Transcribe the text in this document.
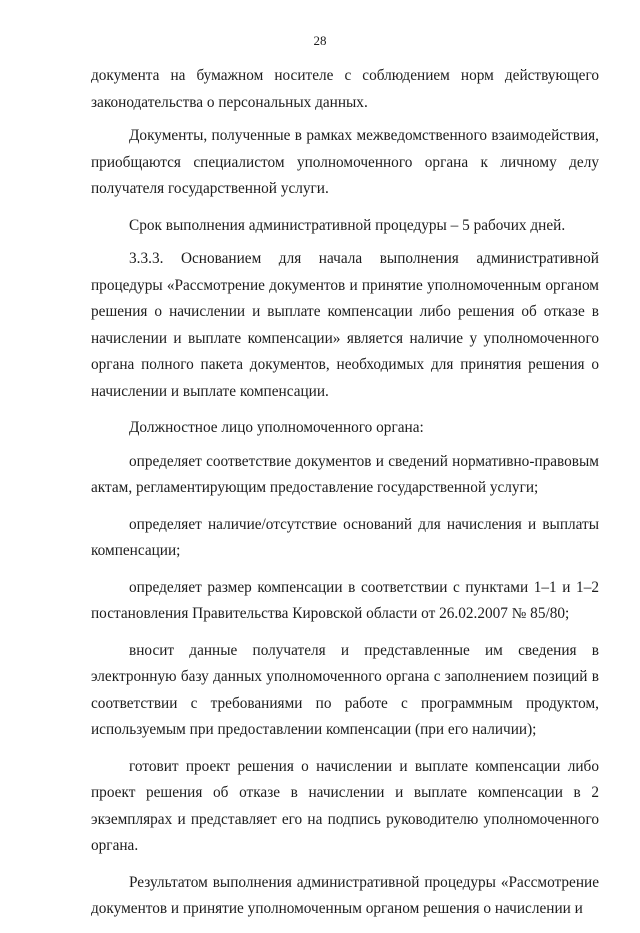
28

документа на бумажном носителе с соблюдением норм действующего законодательства о персональных данных.

Документы, полученные в рамках межведомственного взаимодействия, приобщаются специалистом уполномоченного органа к личному делу получателя государственной услуги.

Срок выполнения административной процедуры – 5 рабочих дней.

3.3.3. Основанием для начала выполнения административной процедуры «Рассмотрение документов и принятие уполномоченным органом решения о начислении и выплате компенсации либо решения об отказе в начислении и выплате компенсации» является наличие у уполномоченного органа полного пакета документов, необходимых для принятия решения о начислении и выплате компенсации.

Должностное лицо уполномоченного органа:

определяет соответствие документов и сведений нормативно-правовым актам, регламентирующим предоставление государственной услуги;

определяет наличие/отсутствие оснований для начисления и выплаты компенсации;

определяет размер компенсации в соответствии с пунктами 1–1 и 1–2 постановления Правительства Кировской области от 26.02.2007 № 85/80;

вносит данные получателя и представленные им сведения в электронную базу данных уполномоченного органа с заполнением позиций в соответствии с требованиями по работе с программным продуктом, используемым при предоставлении компенсации (при его наличии);

готовит проект решения о начислении и выплате компенсации либо проект решения об отказе в начислении и выплате компенсации в 2 экземплярах и представляет его на подпись руководителю уполномоченного органа.

Результатом выполнения административной процедуры «Рассмотрение документов и принятие уполномоченным органом решения о начислении и
